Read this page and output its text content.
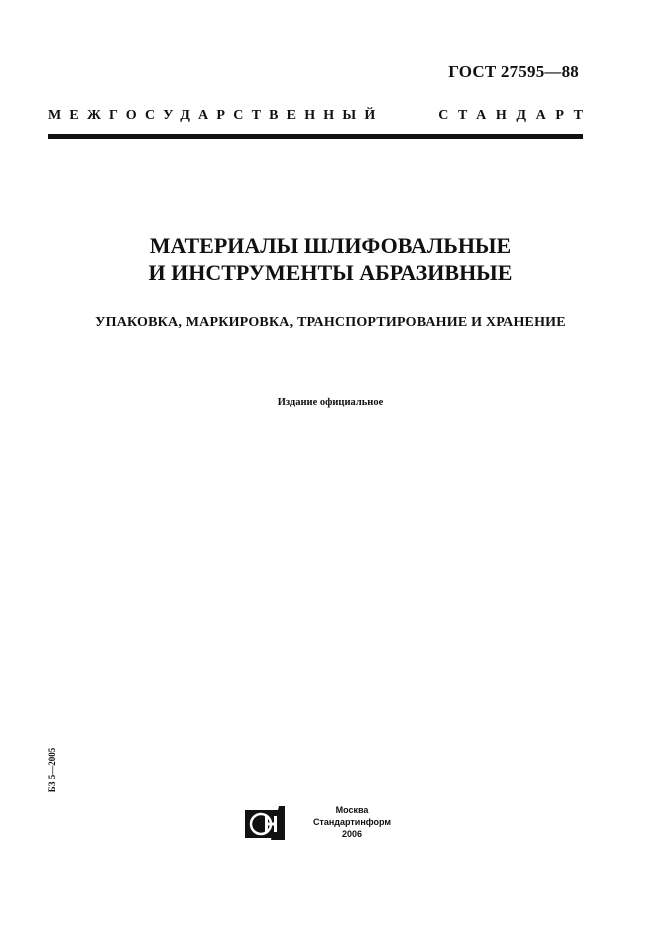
ГОСТ 27595—88
МЕЖГОСУДАРСТВЕННЫЙ	СТАНДАРТ
МАТЕРИАЛЫ ШЛИФОВАЛЬНЫЕ
И ИНСТРУМЕНТЫ АБРАЗИВНЫЕ
УПАКОВКА, МАРКИРОВКА, ТРАНСПОРТИРОВАНИЕ И ХРАНЕНИЕ
Издание официальное
БЗ 5—2005
Москва
Стандартинформ
2006
